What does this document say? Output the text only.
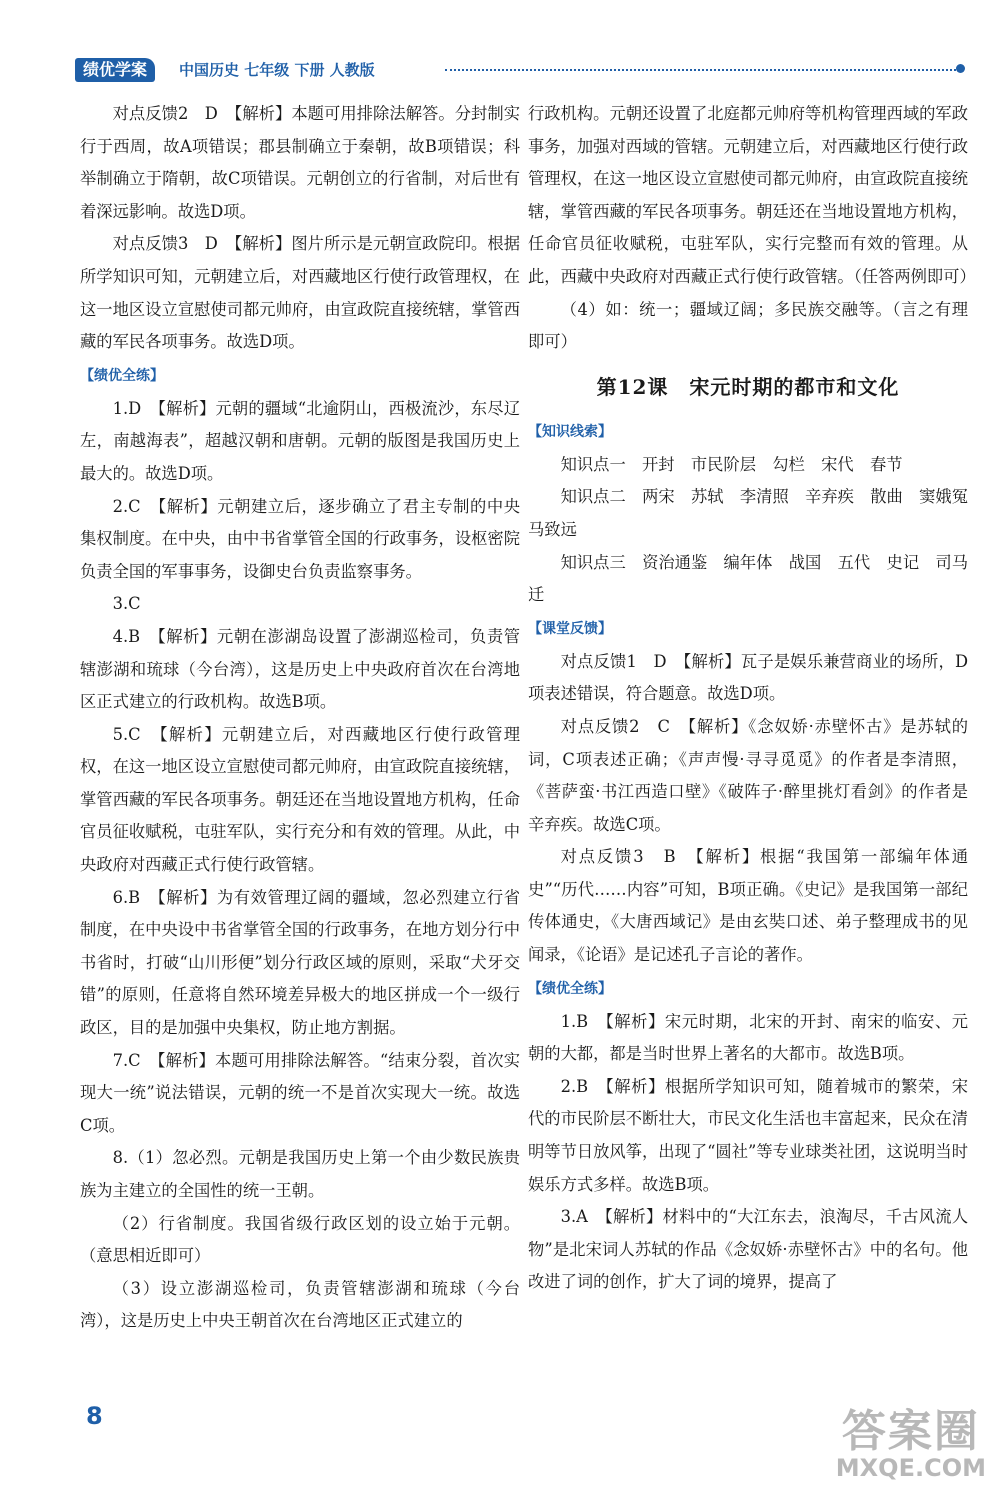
绩优学案	中国历史 七年级 下册 人教版

对点反馈2　D　【解析】本题可用排除法解答。分封制实行于西周，故A项错误；郡县制确立于秦朝，故B项错误；科举制确立于隋朝，故C项错误。元朝创立的行省制，对后世有着深远影响。故选D项。

对点反馈3　D　【解析】图片所示是元朝宣政院印。根据所学知识可知，元朝建立后，对西藏地区行使行政管理权，在这一地区设立宣慰使司都元帅府，由宣政院直接统辖，掌管西藏的军民各项事务。故选D项。

【绩优全练】

1.D　【解析】元朝的疆域“北逾阴山，西极流沙，东尽辽左，南越海表”，超越汉朝和唐朝。元朝的版图是我国历史上最大的。故选D项。

2.C　【解析】元朝建立后，逐步确立了君主专制的中央集权制度。在中央，由中书省掌管全国的行政事务，设枢密院负责全国的军事事务，设御史台负责监察事务。

3.C

4.B　【解析】元朝在澎湖岛设置了澎湖巡检司，负责管辖澎湖和琉球（今台湾），这是历史上中央政府首次在台湾地区正式建立的行政机构。故选B项。

5.C　【解析】元朝建立后，对西藏地区行使行政管理权，在这一地区设立宣慰使司都元帅府，由宣政院直接统辖，掌管西藏的军民各项事务。朝廷还在当地设置地方机构，任命官员征收赋税，屯驻军队，实行充分和有效的管理。从此，中央政府对西藏正式行使行政管辖。

6.B　【解析】为有效管理辽阔的疆域，忽必烈建立行省制度，在中央设中书省掌管全国的行政事务，在地方划分行中书省时，打破“山川形便”划分行政区域的原则，采取“犬牙交错”的原则，任意将自然环境差异极大的地区拼成一个一级行政区，目的是加强中央集权，防止地方割据。

7.C　【解析】本题可用排除法解答。“结束分裂，首次实现大一统”说法错误，元朝的统一不是首次实现大一统。故选C项。

8.（1）忽必烈。元朝是我国历史上第一个由少数民族贵族为主建立的全国性的统一王朝。

（2）行省制度。我国省级行政区划的设立始于元朝。（意思相近即可）

（3）设立澎湖巡检司，负责管辖澎湖和琉球（今台湾），这是历史上中央王朝首次在台湾地区正式建立的

行政机构。元朝还设置了北庭都元帅府等机构管理西域的军政事务，加强对西域的管辖。元朝建立后，对西藏地区行使行政管理权，在这一地区设立宣慰使司都元帅府，由宣政院直接统辖，掌管西藏的军民各项事务。朝廷还在当地设置地方机构，任命官员征收赋税，屯驻军队，实行完整而有效的管理。从此，西藏中央政府对西藏正式行使行政管辖。（任答两例即可）

（4）如：统一；疆域辽阔；多民族交融等。（言之有理即可）

第12课　宋元时期的都市和文化
【知识线索】

知识点一　开封　市民阶层　勾栏　宋代　春节

知识点二　两宋　苏轼　李清照　辛弃疾　散曲　窦娥冤　马致远

知识点三　资治通鉴　编年体　战国　五代　史记　司马迁

【课堂反馈】

对点反馈1　D　【解析】瓦子是娱乐兼营商业的场所，D项表述错误，符合题意。故选D项。

对点反馈2　C　【解析】《念奴娇·赤壁怀古》是苏轼的词，C项表述正确；《声声慢·寻寻觅觅》的作者是李清照，《菩萨蛮·书江西造口壁》《破阵子·醉里挑灯看剑》的作者是辛弃疾。故选C项。

对点反馈3　B　【解析】根据“我国第一部编年体通史”“历代……内容”可知，B项正确。《史记》是我国第一部纪传体通史，《大唐西域记》是由玄奘口述、弟子整理成书的见闻录，《论语》是记述孔子言论的著作。

【绩优全练】

1.B　【解析】宋元时期，北宋的开封、南宋的临安、元朝的大都，都是当时世界上著名的大都市。故选B项。

2.B　【解析】根据所学知识可知，随着城市的繁荣，宋代的市民阶层不断壮大，市民文化生活也丰富起来，民众在清明等节日放风筝，出现了“圆社”等专业球类社团，这说明当时娱乐方式多样。故选B项。

3.A　【解析】材料中的“大江东去，浪淘尽，千古风流人物”是北宋词人苏轼的作品《念奴娇·赤壁怀古》中的名句。他改进了词的创作，扩大了词的境界，提高了

8	答案圈
MXQE.COM
